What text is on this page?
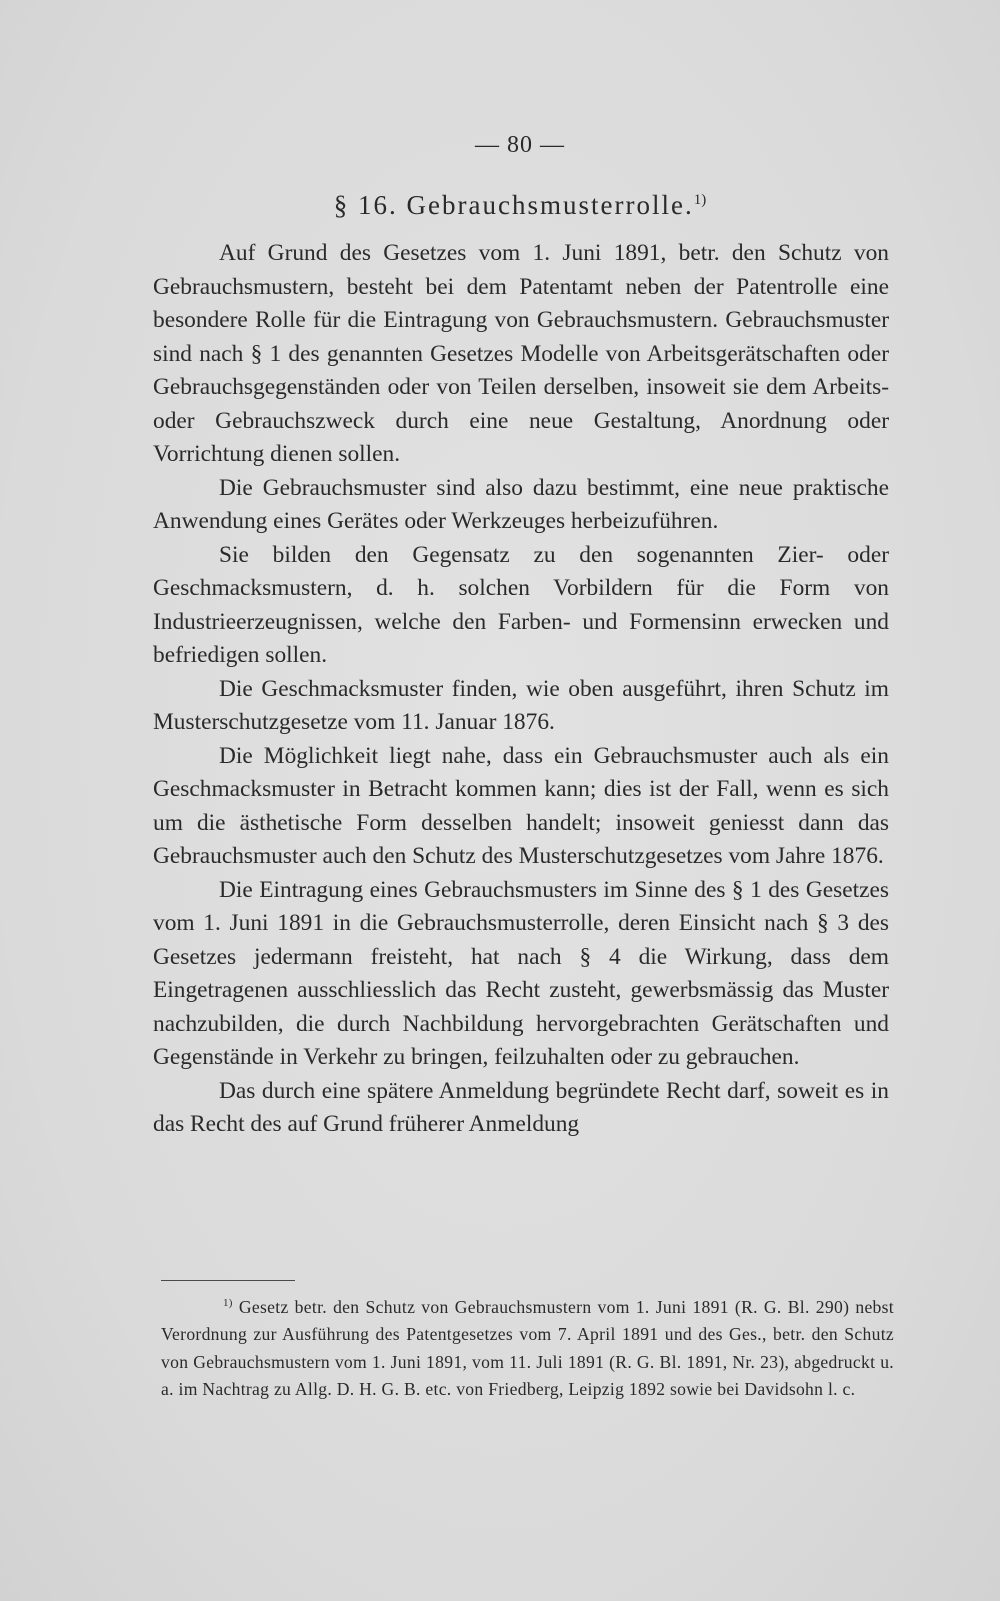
— 80 —
§ 16. Gebrauchsmusterrolle.$^{1)}$

Auf Grund des Gesetzes vom 1. Juni 1891, betr. den Schutz von Gebrauchsmustern, besteht bei dem Patentamt neben der Patentrolle eine besondere Rolle für die Eintragung von Gebrauchsmustern. Gebrauchsmuster sind nach § 1 des genannten Gesetzes Modelle von Arbeitsgerätschaften oder Gebrauchsgegenständen oder von Teilen derselben, insoweit sie dem Arbeits- oder Gebrauchszweck durch eine neue Gestaltung, Anordnung oder Vorrichtung dienen sollen.

Die Gebrauchsmuster sind also dazu bestimmt, eine neue praktische Anwendung eines Gerätes oder Werkzeuges herbeizuführen.

Sie bilden den Gegensatz zu den sogenannten Zier- oder Geschmacksmustern, d. h. solchen Vorbildern für die Form von Industrieerzeugnissen, welche den Farben- und Formensinn erwecken und befriedigen sollen.

Die Geschmacksmuster finden, wie oben ausgeführt, ihren Schutz im Musterschutzgesetze vom 11. Januar 1876.

Die Möglichkeit liegt nahe, dass ein Gebrauchsmuster auch als ein Geschmacksmuster in Betracht kommen kann; dies ist der Fall, wenn es sich um die ästhetische Form desselben handelt; insoweit geniesst dann das Gebrauchsmuster auch den Schutz des Musterschutzgesetzes vom Jahre 1876.

Die Eintragung eines Gebrauchsmusters im Sinne des § 1 des Gesetzes vom 1. Juni 1891 in die Gebrauchsmusterrolle, deren Einsicht nach § 3 des Gesetzes jedermann freisteht, hat nach § 4 die Wirkung, dass dem Eingetragenen ausschliesslich das Recht zusteht, gewerbsmässig das Muster nachzubilden, die durch Nachbildung hervorgebrachten Gerätschaften und Gegenstände in Verkehr zu bringen, feilzuhalten oder zu gebrauchen.

Das durch eine spätere Anmeldung begründete Recht darf, soweit es in das Recht des auf Grund früherer Anmeldung

$^{1)}$ Gesetz betr. den Schutz von Gebrauchsmustern vom 1. Juni 1891 (R. G. Bl. 290) nebst Verordnung zur Ausführung des Patentgesetzes vom 7. April 1891 und des Ges., betr. den Schutz von Gebrauchsmustern vom 1. Juni 1891, vom 11. Juli 1891 (R. G. Bl. 1891, Nr. 23), abgedruckt u. a. im Nachtrag zu Allg. D. H. G. B. etc. von Friedberg, Leipzig 1892 sowie bei Davidsohn l. c.
